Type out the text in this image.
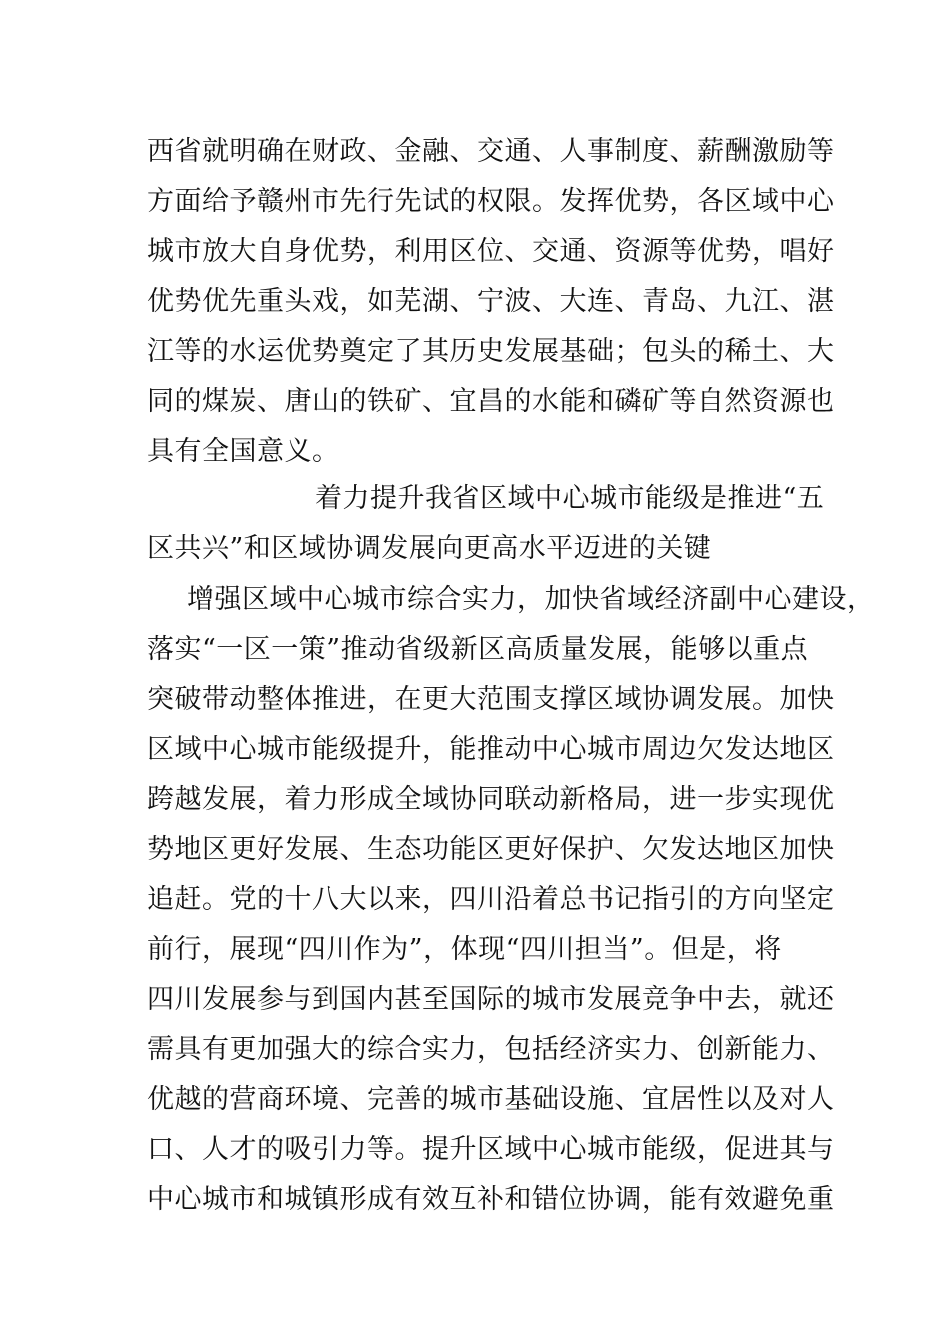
西省就明确在财政、金融、交通、人事制度、薪酬激励等
方面给予赣州市先行先试的权限。发挥优势，各区域中心
城市放大自身优势，利用区位、交通、资源等优势，唱好
优势优先重头戏，如芜湖、宁波、大连、青岛、九江、湛
江等的水运优势奠定了其历史发展基础；包头的稀土、大
同的煤炭、唐山的铁矿、宜昌的水能和磷矿等自然资源也
具有全国意义。
着力提升我省区域中心城市能级是推进“五
区共兴”和区域协调发展向更高水平迈进的关键
增强区域中心城市综合实力，加快省域经济副中心建设，
落实“一区一策”推动省级新区高质量发展，能够以重点
突破带动整体推进，在更大范围支撑区域协调发展。加快
区域中心城市能级提升，能推动中心城市周边欠发达地区
跨越发展，着力形成全域协同联动新格局，进一步实现优
势地区更好发展、生态功能区更好保护、欠发达地区加快
追赶。党的十八大以来，四川沿着总书记指引的方向坚定
前行，展现“四川作为”，体现“四川担当”。但是，将
四川发展参与到国内甚至国际的城市发展竞争中去，就还
需具有更加强大的综合实力，包括经济实力、创新能力、
优越的营商环境、完善的城市基础设施、宜居性以及对人
口、人才的吸引力等。提升区域中心城市能级，促进其与
中心城市和城镇形成有效互补和错位协调，能有效避免重
